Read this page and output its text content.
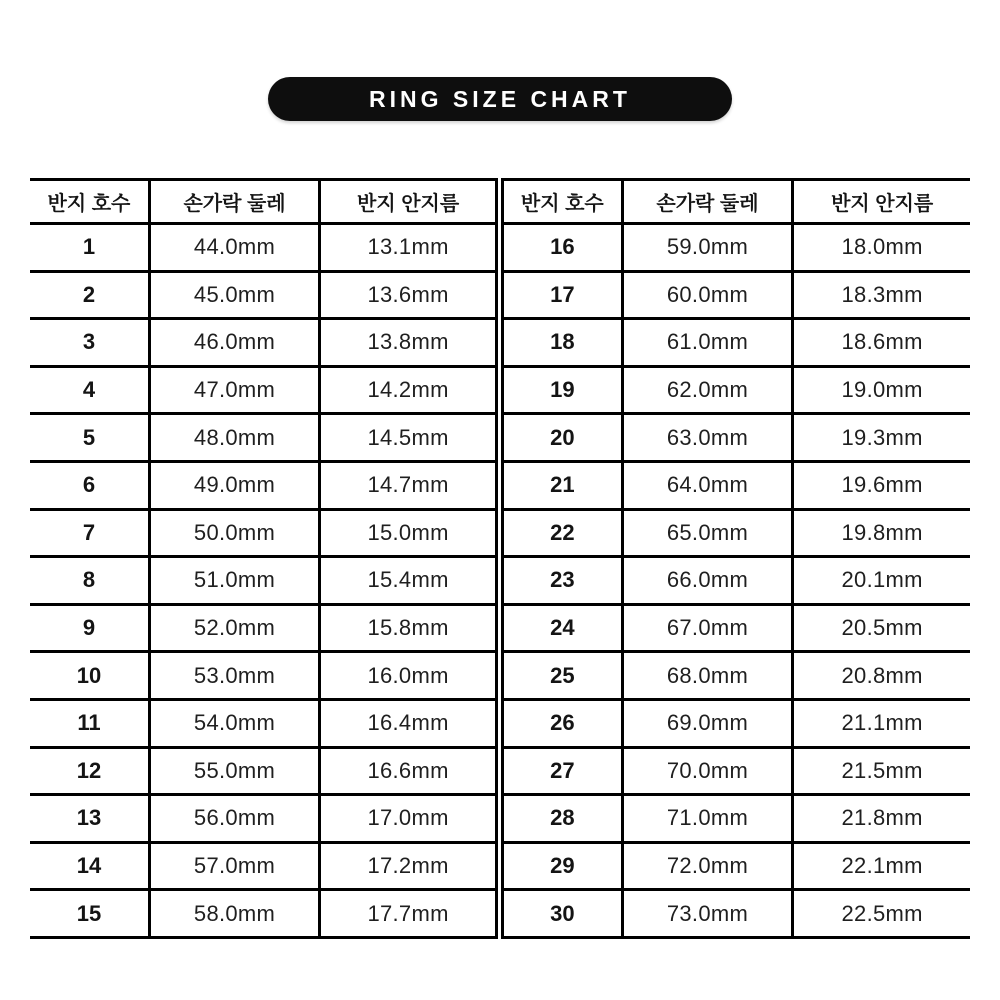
RING SIZE CHART
반지 호수	손가락 둘레	반지 안지름
1	44.0mm	13.1mm
2	45.0mm	13.6mm
3	46.0mm	13.8mm
4	47.0mm	14.2mm
5	48.0mm	14.5mm
6	49.0mm	14.7mm
7	50.0mm	15.0mm
8	51.0mm	15.4mm
9	52.0mm	15.8mm
10	53.0mm	16.0mm
11	54.0mm	16.4mm
12	55.0mm	16.6mm
13	56.0mm	17.0mm
14	57.0mm	17.2mm
15	58.0mm	17.7mm
반지 호수	손가락 둘레	반지 안지름
16	59.0mm	18.0mm
17	60.0mm	18.3mm
18	61.0mm	18.6mm
19	62.0mm	19.0mm
20	63.0mm	19.3mm
21	64.0mm	19.6mm
22	65.0mm	19.8mm
23	66.0mm	20.1mm
24	67.0mm	20.5mm
25	68.0mm	20.8mm
26	69.0mm	21.1mm
27	70.0mm	21.5mm
28	71.0mm	21.8mm
29	72.0mm	22.1mm
30	73.0mm	22.5mm
